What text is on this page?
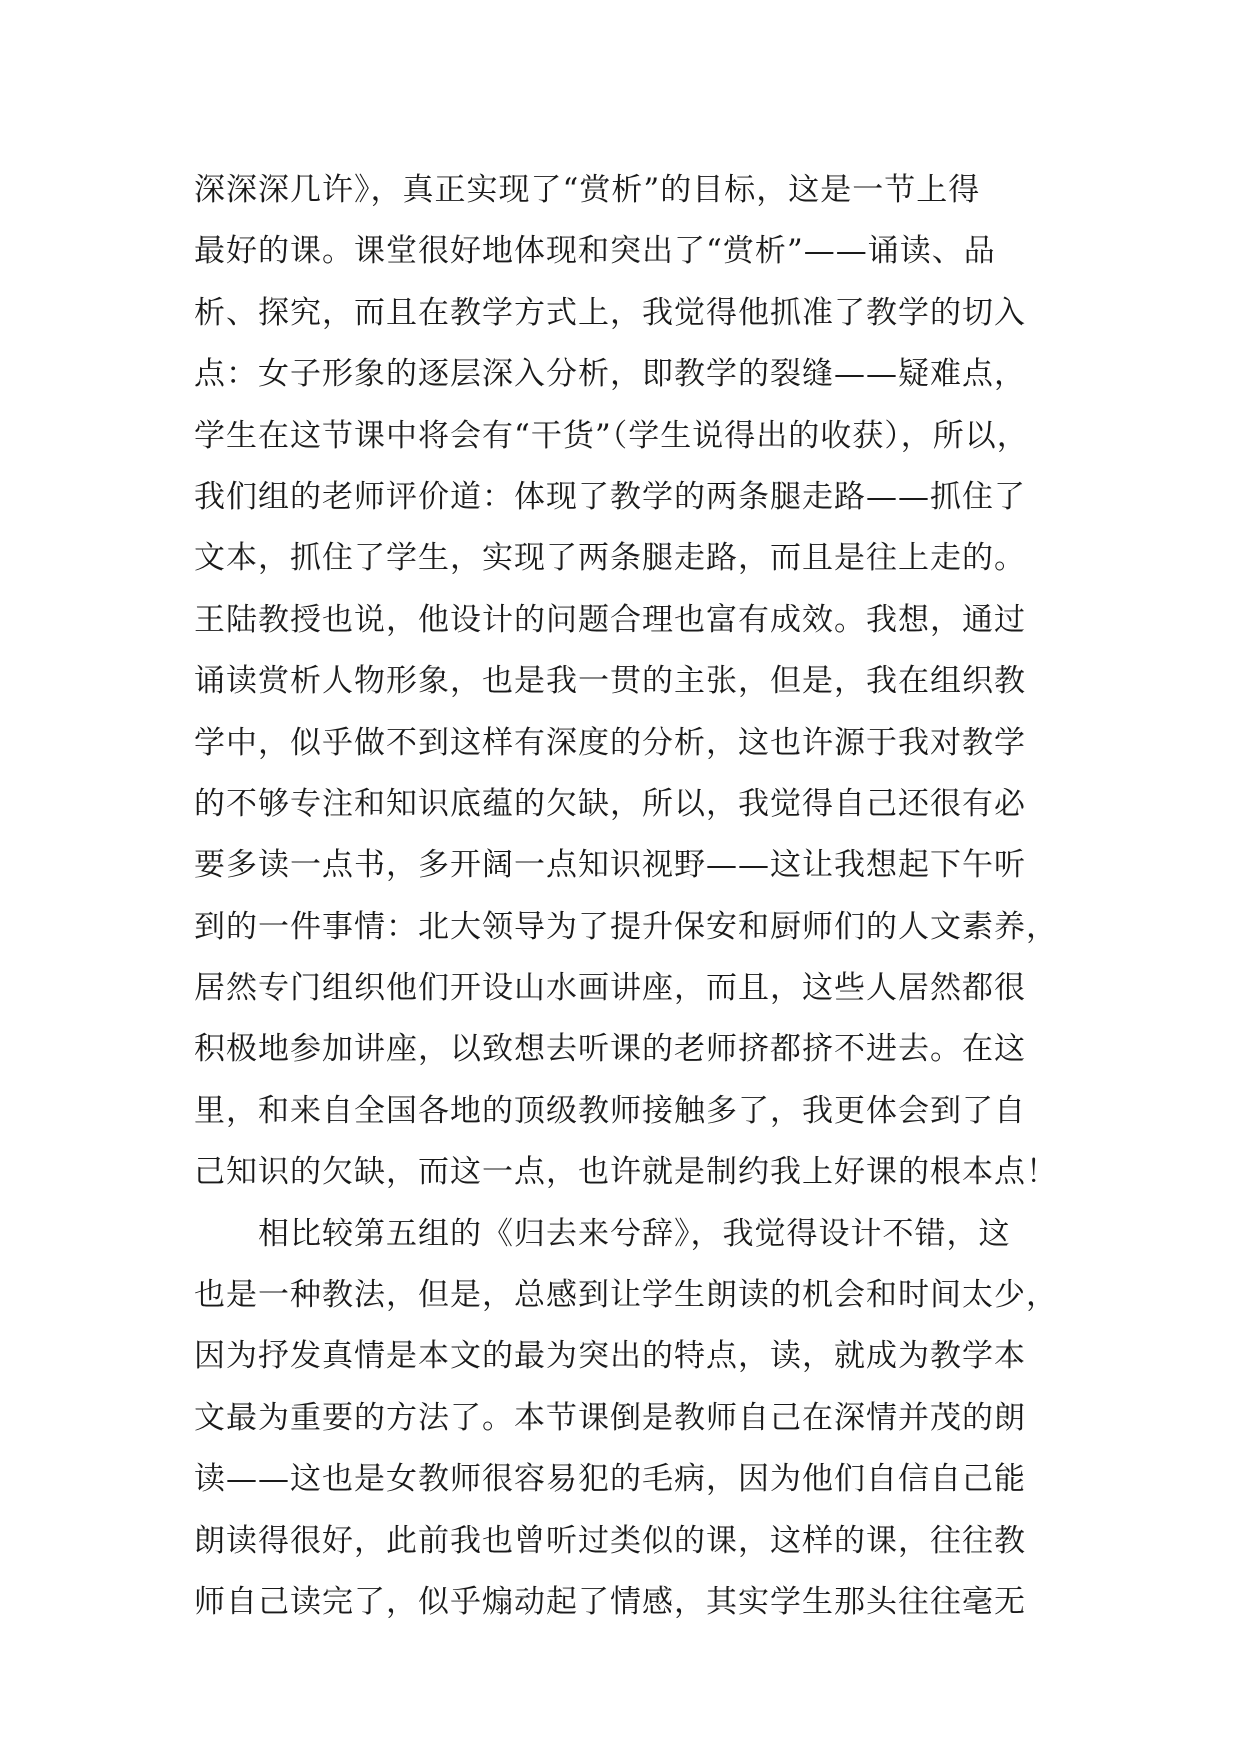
深深深几许》，真正实现了“赏析”的目标，这是一节上得
最好的课。课堂很好地体现和突出了“赏析”——诵读、品
析、探究，而且在教学方式上，我觉得他抓准了教学的切入
点：女子形象的逐层深入分析，即教学的裂缝——疑难点，
学生在这节课中将会有“干货”（学生说得出的收获），所以，
我们组的老师评价道：体现了教学的两条腿走路——抓住了
文本，抓住了学生，实现了两条腿走路，而且是往上走的。
王陆教授也说，他设计的问题合理也富有成效。我想，通过
诵读赏析人物形象，也是我一贯的主张，但是，我在组织教
学中，似乎做不到这样有深度的分析，这也许源于我对教学
的不够专注和知识底蕴的欠缺，所以，我觉得自己还很有必
要多读一点书，多开阔一点知识视野——这让我想起下午听
到的一件事情：北大领导为了提升保安和厨师们的人文素养，
居然专门组织他们开设山水画讲座，而且，这些人居然都很
积极地参加讲座，以致想去听课的老师挤都挤不进去。在这
里，和来自全国各地的顶级教师接触多了，我更体会到了自
己知识的欠缺，而这一点，也许就是制约我上好课的根本点！
相比较第五组的《归去来兮辞》，我觉得设计不错，这
也是一种教法，但是，总感到让学生朗读的机会和时间太少，
因为抒发真情是本文的最为突出的特点，读，就成为教学本
文最为重要的方法了。本节课倒是教师自己在深情并茂的朗
读——这也是女教师很容易犯的毛病，因为他们自信自己能
朗读得很好，此前我也曾听过类似的课，这样的课，往往教
师自己读完了，似乎煽动起了情感，其实学生那头往往毫无
